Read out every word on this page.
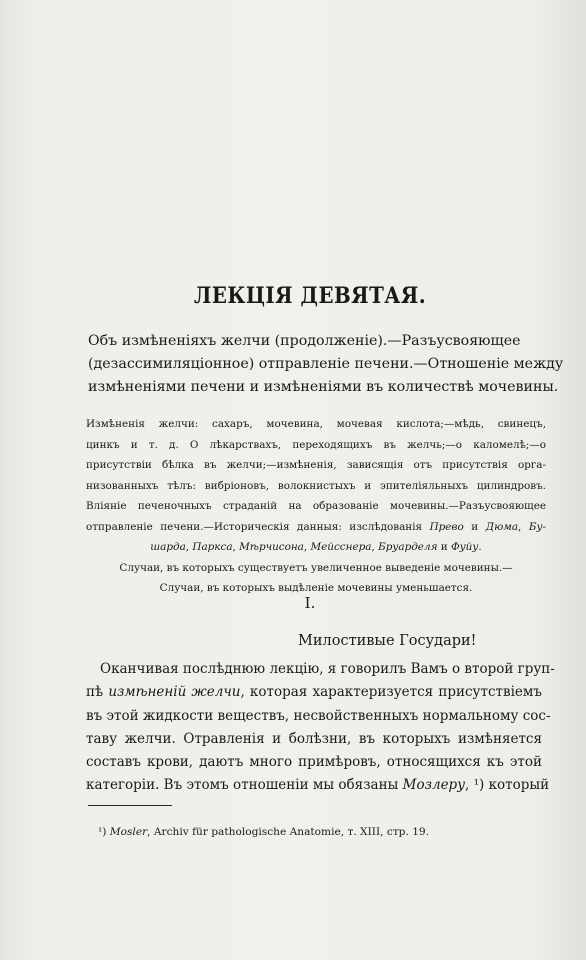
ЛЕКЦІЯ ДЕВЯТАЯ.
Объ измѣненіяхъ желчи (продолженіе).—Разъусвояющее
(дезассимиляціонное) отправленіе печени.—Отношеніе между
измѣненіями печени и измѣненіями въ количествѣ мочевины.
Измѣненія желчи: сахаръ, мочевина, мочевая кислота;—мѣдь, свинецъ,
цинкъ и т. д. О лѣкарствахъ, переходящихъ въ желчь;—о каломелѣ;—о
присутствіи бѣлка въ желчи;—измѣненія, зависящія отъ присутствія орга-
низованныхъ тѣлъ: вибріоновъ, волокнистыхъ и эпителіяльныхъ цилиндровъ.
Вліяніе печеночныхъ страданій на образованіе мочевины.—Разъусвояющее
отправленіе печени.—Историческія данныя: изслѣдованія Прево и Дюма, Бу-
шарда, Паркса, Мѣрчисона, Мейсснера, Бруарделя и Фуйу.
Случаи, въ которыхъ существуетъ увеличенное выведеніе мочевины.—
Случаи, въ которыхъ выдѣленіе мочевины уменьшается.
I.
Милостивые Государи!
Оканчивая послѣднюю лекцію, я говорилъ Вамъ о второй груп-
пѣ измѣненій желчи, которая характеризуется присутствіемъ
въ этой жидкости веществъ, несвойственныхъ нормальному сос-
таву желчи. Отравленія и болѣзни, въ которыхъ измѣняется
составъ крови, даютъ много примѣровъ, относящихся къ этой
категоріи. Въ этомъ отношеніи мы обязаны Мозлеру, ¹) который
¹) Mosler, Archiv für pathologische Anatomie, т. XIII, стр. 19.
